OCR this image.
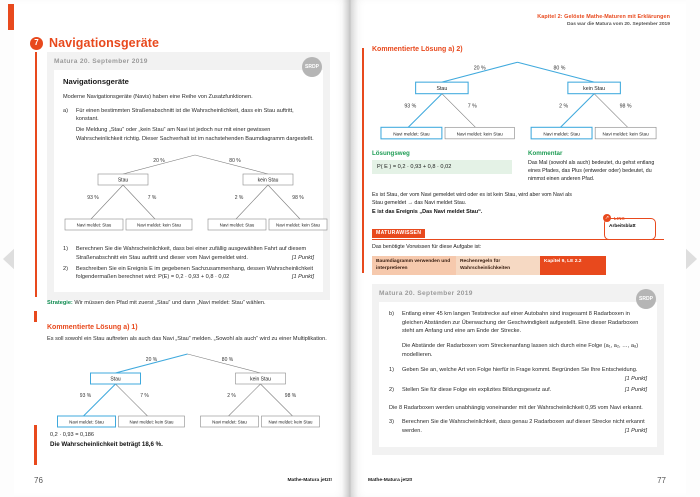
7 Navigationsgeräte
Matura 20. September 2019
SRDP
Navigationsgeräte

Moderne Navigationsgeräte (Navis) haben eine Reihe von Zusatzfunktionen.

a)	Für einen bestimmten Straßenabschnitt ist die Wahrscheinlichkeit, dass ein Stau auftritt, konstant.
Die Meldung „Stau“ oder „kein Stau“ am Navi ist jedoch nur mit einer gewissen Wahrscheinlichkeit richtig. Dieser Sachverhalt ist im nachstehenden Baumdiagramm dargestellt.
20 %	80 %
Stau	kein Stau
93 %	7 %	2 %	98 %
Navi meldet: Stau	Navi meldet: kein Stau	Navi meldet: Stau	Navi meldet: kein Stau
1)	Berechnen Sie die Wahrscheinlichkeit, dass bei einer zufällig ausgewählten Fahrt auf diesem Straßenabschnitt ein Stau auftritt und dieser vom Navi gemeldet wird.	[1 Punkt]
2)	Beschreiben Sie ein Ereignis E im gegebenen Sachzusammenhang, dessen Wahrscheinlichkeit folgendermaßen berechnet wird: P(E) = 0,2 · 0,93 + 0,8 · 0,02	[1 Punkt]
Strategie: Wir müssen den Pfad mit zuerst „Stau“ und dann „Navi meldet: Stau“ wählen.
Kommentierte Lösung a) 1)
Es soll sowohl ein Stau auftreten als auch das Navi „Stau“ melden. „Sowohl als auch“ wird zu einer Multiplikation.
20 %	80 %
Stau	kein Stau
93 %	7 %	2 %	98 %
Navi meldet: Stau	Navi meldet: kein Stau	Navi meldet: Stau	Navi meldet: kein Stau
0,2 · 0,93 = 0,186
Die Wahrscheinlichkeit beträgt 18,6 %.
76	Mathe-Matura jetzt!
Kapitel 2: Gelöste Mathe-Maturen mit Erklärungen
Das war die Matura vom 20. September 2019
Kommentierte Lösung a) 2)
20 %	80 %
Stau	kein Stau
93 %	7 %	2 %	98 %
Navi meldet: Stau	Navi meldet: kein Stau	Navi meldet: Stau	Navi meldet: kein Stau
Lösungsweg
P( E ) = 0,2 · 0,93 + 0,8 · 0,02
Kommentar
Das Mal (sowohl als auch) bedeutet, du gehst entlang eines Pfades, das Plus (entweder oder) bedeutet, du nimmst einen anderen Pfad.
Es ist Stau, der vom Navi gemeldet wird oder es ist kein Stau, wird aber vom Navi als Stau gemeldet → das Navi meldet Stau.
E ist das Ereignis „Das Navi meldet Stau“.
MATURAWISSEN
Das benötigte Vorwissen für diese Aufgabe ist:
Baumdiagramm verwenden und interpretieren
Rechenregeln für Wahrscheinlichkeiten
Kapitel 9, LE 2.2
↗	LINK
Arbeitsblatt
Matura 20. September 2019
SRDP
b)	Entlang einer 45 km langen Teststrecke auf einer Autobahn sind insgesamt 8 Radarboxen in gleichen Abständen zur Überwachung der Geschwindigkeit aufgestellt. Eine dieser Radarboxen steht am Anfang und eine am Ende der Strecke.
Die Abstände der Radarboxen vom Streckenanfang lassen sich durch eine Folge (a₁, a₂, …, a₈) modellieren.
1)	Geben Sie an, welche Art von Folge hierfür in Frage kommt. Begründen Sie Ihre Entscheidung.
[1 Punkt]
2)	Stellen Sie für diese Folge ein explizites Bildungsgesetz auf.	[1 Punkt]

Die 8 Radarboxen werden unabhängig voneinander mit der Wahrscheinlichkeit 0,95 vom Navi erkannt.

3)	Berechnen Sie die Wahrscheinlichkeit, dass genau 2 Radarboxen auf dieser Strecke nicht erkannt werden.	[1 Punkt]
Mathe-Matura jetzt!	77
